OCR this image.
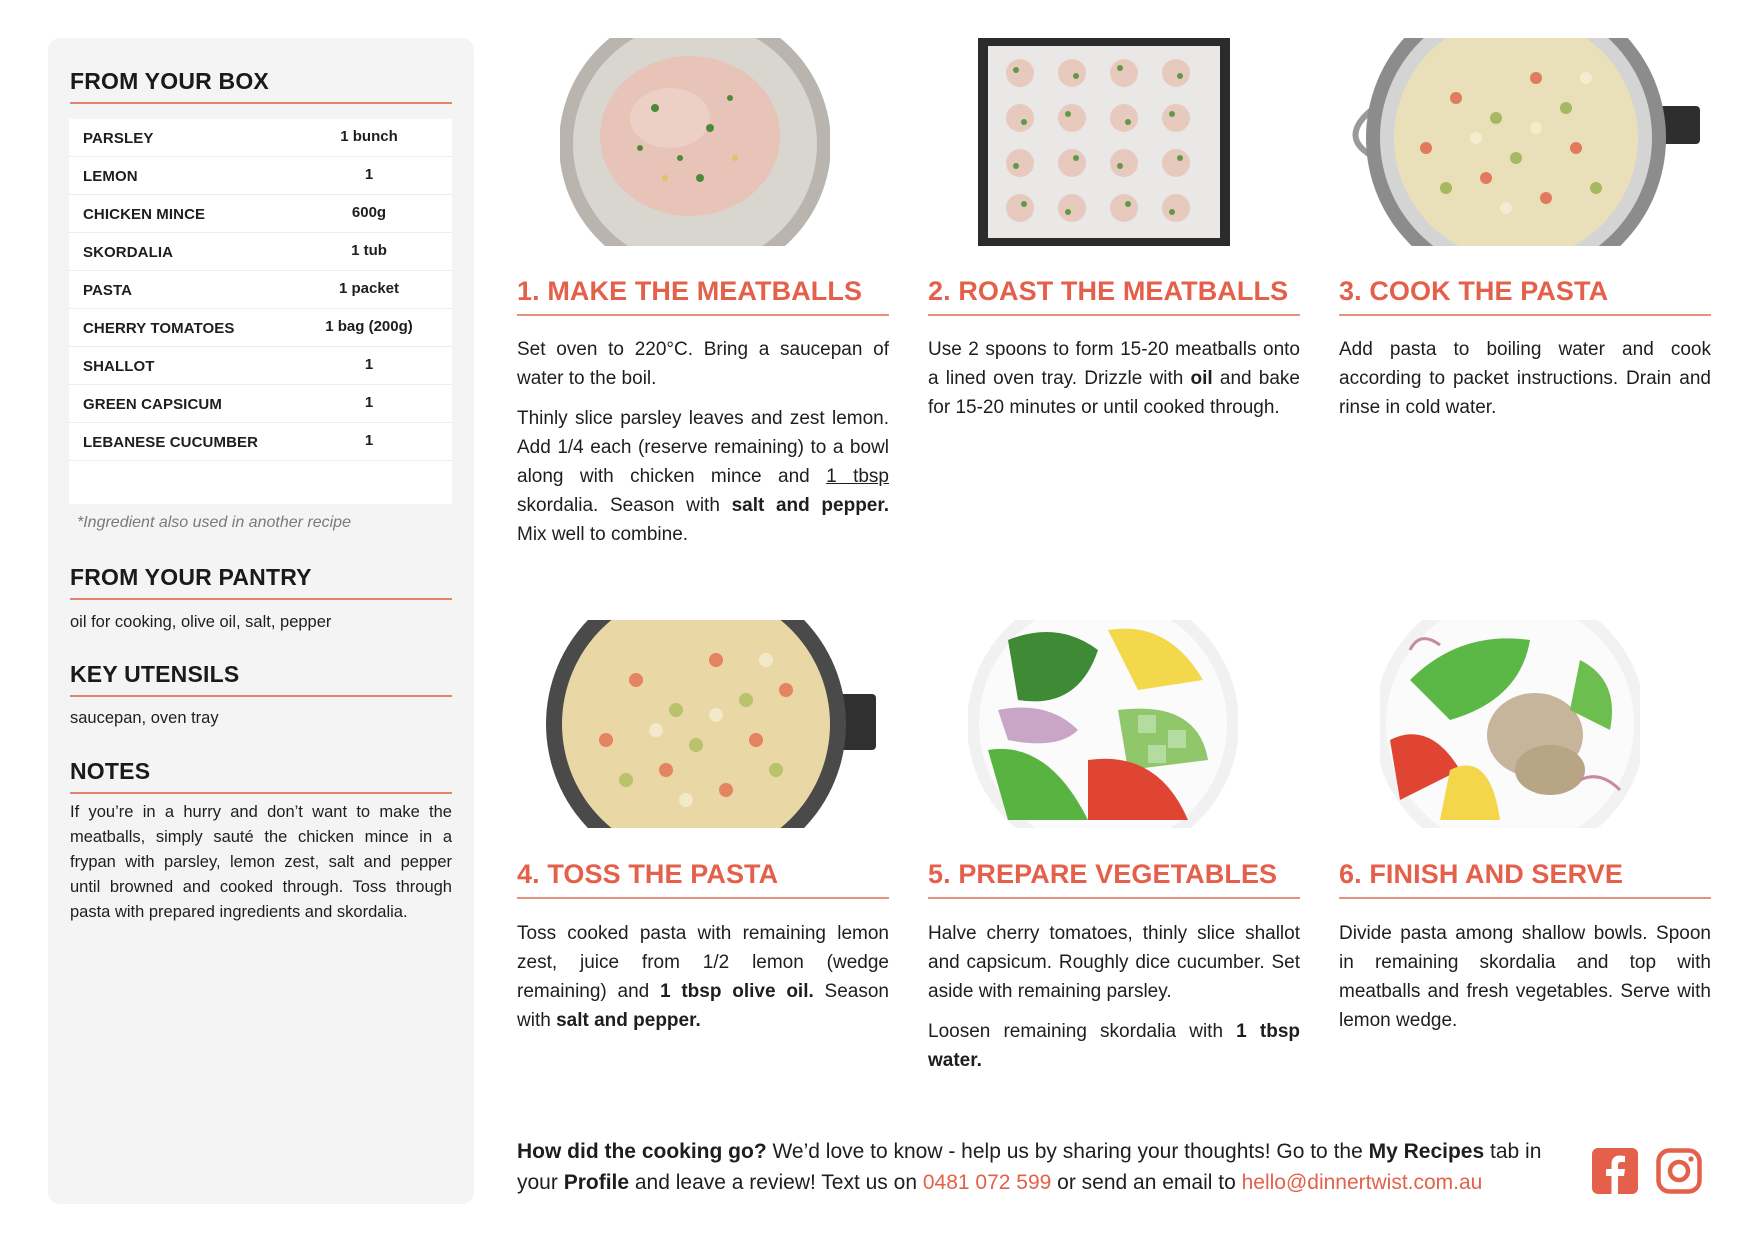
FROM YOUR BOX
PARSLEY	1 bunch
LEMON	1
CHICKEN MINCE	600g
SKORDALIA	1 tub
PASTA	1 packet
CHERRY TOMATOES	1 bag (200g)
SHALLOT	1
GREEN CAPSICUM	1
LEBANESE CUCUMBER	1
*Ingredient also used in another recipe
FROM YOUR PANTRY
oil for cooking, olive oil, salt, pepper
KEY UTENSILS
saucepan, oven tray
NOTES
If you’re in a hurry and don’t want to make the meatballs, simply sauté the chicken mince in a frypan with parsley, lemon zest, salt and pepper until browned and cooked through. Toss through pasta with prepared ingredients and skordalia.
1. MAKE THE MEATBALLS

Set oven to 220°C. Bring a saucepan of water to the boil.

Thinly slice parsley leaves and zest lemon. Add 1/4 each (reserve remaining) to a bowl along with chicken mince and 1 tbsp skordalia. Season with salt and pepper. Mix well to combine.

2. ROAST THE MEATBALLS

Use 2 spoons to form 15-20 meatballs onto a lined oven tray. Drizzle with oil and bake for 15-20 minutes or until cooked through.

3. COOK THE PASTA

Add pasta to boiling water and cook according to packet instructions. Drain and rinse in cold water.

4. TOSS THE PASTA

Toss cooked pasta with remaining lemon zest, juice from 1/2 lemon (wedge remaining) and 1 tbsp olive oil. Season with salt and pepper.

5. PREPARE VEGETABLES

Halve cherry tomatoes, thinly slice shallot and capsicum. Roughly dice cucumber. Set aside with remaining parsley.

Loosen remaining skordalia with 1 tbsp water.

6. FINISH AND SERVE

Divide pasta among shallow bowls. Spoon in remaining skordalia and top with meatballs and fresh vegetables. Serve with lemon wedge.

How did the cooking go? We’d love to know - help us by sharing your thoughts! Go to the My Recipes tab in your Profile and leave a review! Text us on 0481 072 599 or send an email to hello@dinnertwist.com.au
